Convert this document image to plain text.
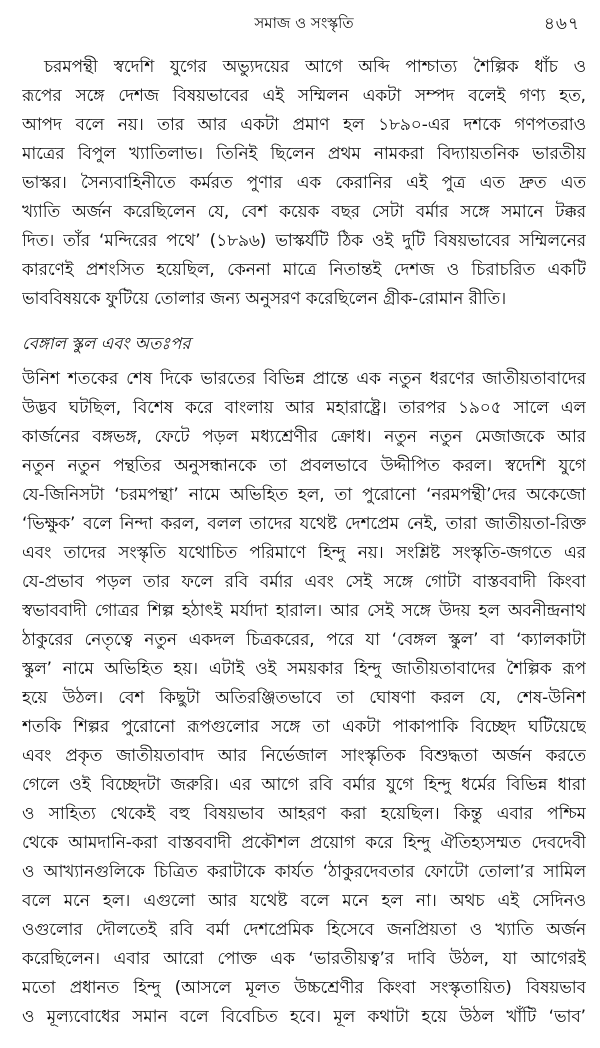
সমাজ ও সংস্কৃতি	৪৬৭

চরমপন্থী স্বদেশি যুগের অভ্যুদয়ের আগে অব্দি পাশ্চাত্য শৈল্পিক ধাঁচ ও
রূপের সঙ্গে দেশজ বিষয়ভাবের এই সম্মিলন একটা সম্পদ বলেই গণ্য হত,
আপদ বলে নয়। তার আর একটা প্রমাণ হল ১৮৯০-এর দশকে গণপতরাও
মাত্রের বিপুল খ্যাতিলাভ। তিনিই ছিলেন প্রথম নামকরা বিদ্যায়তনিক ভারতীয়
ভাস্কর। সৈন্যবাহিনীতে কর্মরত পুণার এক কেরানির এই পুত্র এত দ্রুত এত
খ্যাতি অর্জন করেছিলেন যে, বেশ কয়েক বছর সেটা বর্মার সঙ্গে সমানে টক্কর
দিত। তাঁর ‘মন্দিরের পথে’ (১৮৯৬) ভাস্কর্যটি ঠিক ওই দুটি বিষয়ভাবের সম্মিলনের
কারণেই প্রশংসিত হয়েছিল, কেননা মাত্রে নিতান্তই দেশজ ও চিরাচরিত একটি
ভাববিষয়কে ফুটিয়ে তোলার জন্য অনুসরণ করেছিলেন গ্রীক-রোমান রীতি।

বেঙ্গাল স্কুল এবং অতঃপর

উনিশ শতকের শেষ দিকে ভারতের বিভিন্ন প্রান্তে এক নতুন ধরণের জাতীয়তাবাদের
উদ্ভব ঘটছিল, বিশেষ করে বাংলায় আর মহারাষ্ট্রে। তারপর ১৯০৫ সালে এল
কার্জনের বঙ্গভঙ্গ, ফেটে পড়ল মধ্যশ্রেণীর ক্রোধ। নতুন নতুন মেজাজকে আর
নতুন নতুন পন্থতির অনুসন্ধানকে তা প্রবলভাবে উদ্দীপিত করল। স্বদেশি যুগে
যে-জিনিসটা ‘চরমপন্থা’ নামে অভিহিত হল, তা পুরোনো ‘নরমপন্থী’দের অকেজো
‘ভিক্ষুক’ বলে নিন্দা করল, বলল তাদের যথেষ্ট দেশপ্রেম নেই, তারা জাতীয়তা-রিক্ত
এবং তাদের সংস্কৃতি যথোচিত পরিমাণে হিন্দু নয়। সংশ্লিষ্ট সংস্কৃতি-জগতে এর
যে-প্রভাব পড়ল তার ফলে রবি বর্মার এবং সেই সঙ্গে গোটা বাস্তববাদী কিংবা
স্বভাববাদী গোত্রর শিল্প হঠাৎই মর্যাদা হারাল। আর সেই সঙ্গে উদয় হল অবনীন্দ্রনাথ
ঠাকুরের নেতৃত্বে নতুন একদল চিত্রকরের, পরে যা ‘বেঙ্গল স্কুল’ বা ‘ক্যালকাটা
স্কুল’ নামে অভিহিত হয়। এটাই ওই সময়কার হিন্দু জাতীয়তাবাদের শৈল্পিক রূপ
হয়ে উঠল। বেশ কিছুটা অতিরঞ্জিতভাবে তা ঘোষণা করল যে, শেষ-উনিশ
শতকি শিল্পর পুরোনো রূপগুলোর সঙ্গে তা একটা পাকাপাকি বিচ্ছেদ ঘটিয়েছে
এবং প্রকৃত জাতীয়তাবাদ আর নির্ভেজাল সাংস্কৃতিক বিশুদ্ধতা অর্জন করতে
গেলে ওই বিচ্ছেদটা জরুরি। এর আগে রবি বর্মার যুগে হিন্দু ধর্মের বিভিন্ন ধারা
ও সাহিত্য থেকেই বহু বিষয়ভাব আহরণ করা হয়েছিল। কিন্তু এবার পশ্চিম
থেকে আমদানি-করা বাস্তববাদী প্রকৌশল প্রয়োগ করে হিন্দু ঐতিহ্যসম্মত দেবদেবী
ও আখ্যানগুলিকে চিত্রিত করাটাকে কার্যত ‘ঠাকুরদেবতার ফোটো তোলা’র সামিল
বলে মনে হল। এগুলো আর যথেষ্ট বলে মনে হল না। অথচ এই সেদিনও
ওগুলোর দৌলতেই রবি বর্মা দেশপ্রেমিক হিসেবে জনপ্রিয়তা ও খ্যাতি অর্জন
করেছিলেন। এবার আরো পোক্ত এক ‘ভারতীয়ত্ব’র দাবি উঠল, যা আগেরই
মতো প্রধানত হিন্দু (আসলে মূলত উচ্চশ্রেণীর কিংবা সংস্কৃতায়িত) বিষয়ভাব
ও মূল্যবোধের সমান বলে বিবেচিত হবে। মূল কথাটা হয়ে উঠল খাঁটি ‘ভাব’
